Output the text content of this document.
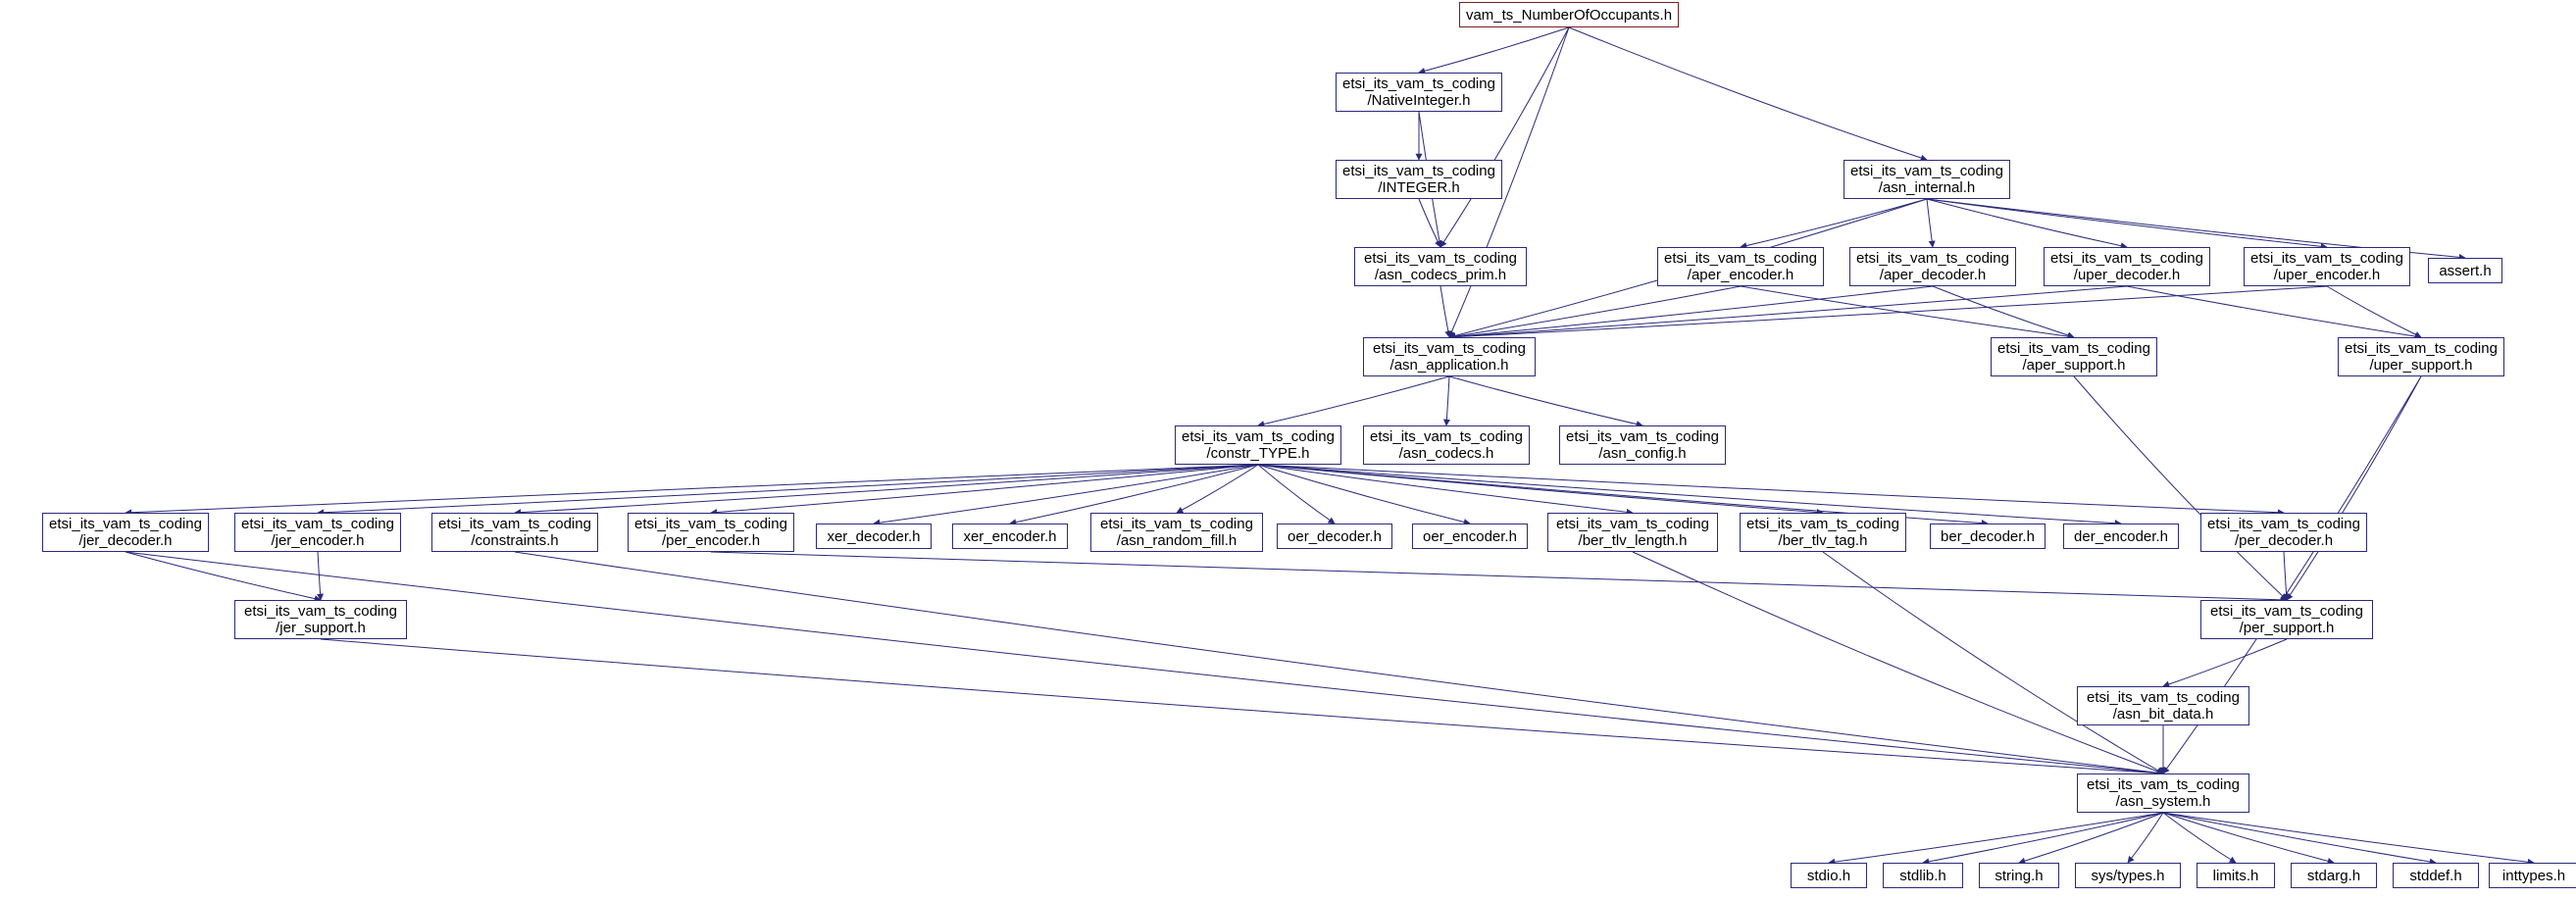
vam_ts_NumberOfOccupants.h
etsi_its_vam_ts_coding
/NativeInteger.h
etsi_its_vam_ts_coding
/INTEGER.h
etsi_its_vam_ts_coding
/asn_internal.h
etsi_its_vam_ts_coding
/asn_codecs_prim.h
etsi_its_vam_ts_coding
/aper_encoder.h
etsi_its_vam_ts_coding
/aper_decoder.h
etsi_its_vam_ts_coding
/uper_decoder.h
etsi_its_vam_ts_coding
/uper_encoder.h	assert.h
etsi_its_vam_ts_coding
/asn_application.h
etsi_its_vam_ts_coding
/aper_support.h
etsi_its_vam_ts_coding
/uper_support.h
etsi_its_vam_ts_coding
/constr_TYPE.h
etsi_its_vam_ts_coding
/asn_codecs.h
etsi_its_vam_ts_coding
/asn_config.h
etsi_its_vam_ts_coding
/jer_decoder.h
etsi_its_vam_ts_coding
/jer_encoder.h
etsi_its_vam_ts_coding
/constraints.h
etsi_its_vam_ts_coding
/per_encoder.h	xer_decoder.h	xer_encoder.h
etsi_its_vam_ts_coding
/asn_random_fill.h	oer_decoder.h	oer_encoder.h
etsi_its_vam_ts_coding
/ber_tlv_length.h
etsi_its_vam_ts_coding
/ber_tlv_tag.h	ber_decoder.h	der_encoder.h
etsi_its_vam_ts_coding
/per_decoder.h
etsi_its_vam_ts_coding
/jer_support.h
etsi_its_vam_ts_coding
/per_support.h
etsi_its_vam_ts_coding
/asn_bit_data.h
etsi_its_vam_ts_coding
/asn_system.h
stdio.h	stdlib.h	string.h	sys/types.h	limits.h	stdarg.h	stddef.h	inttypes.h
